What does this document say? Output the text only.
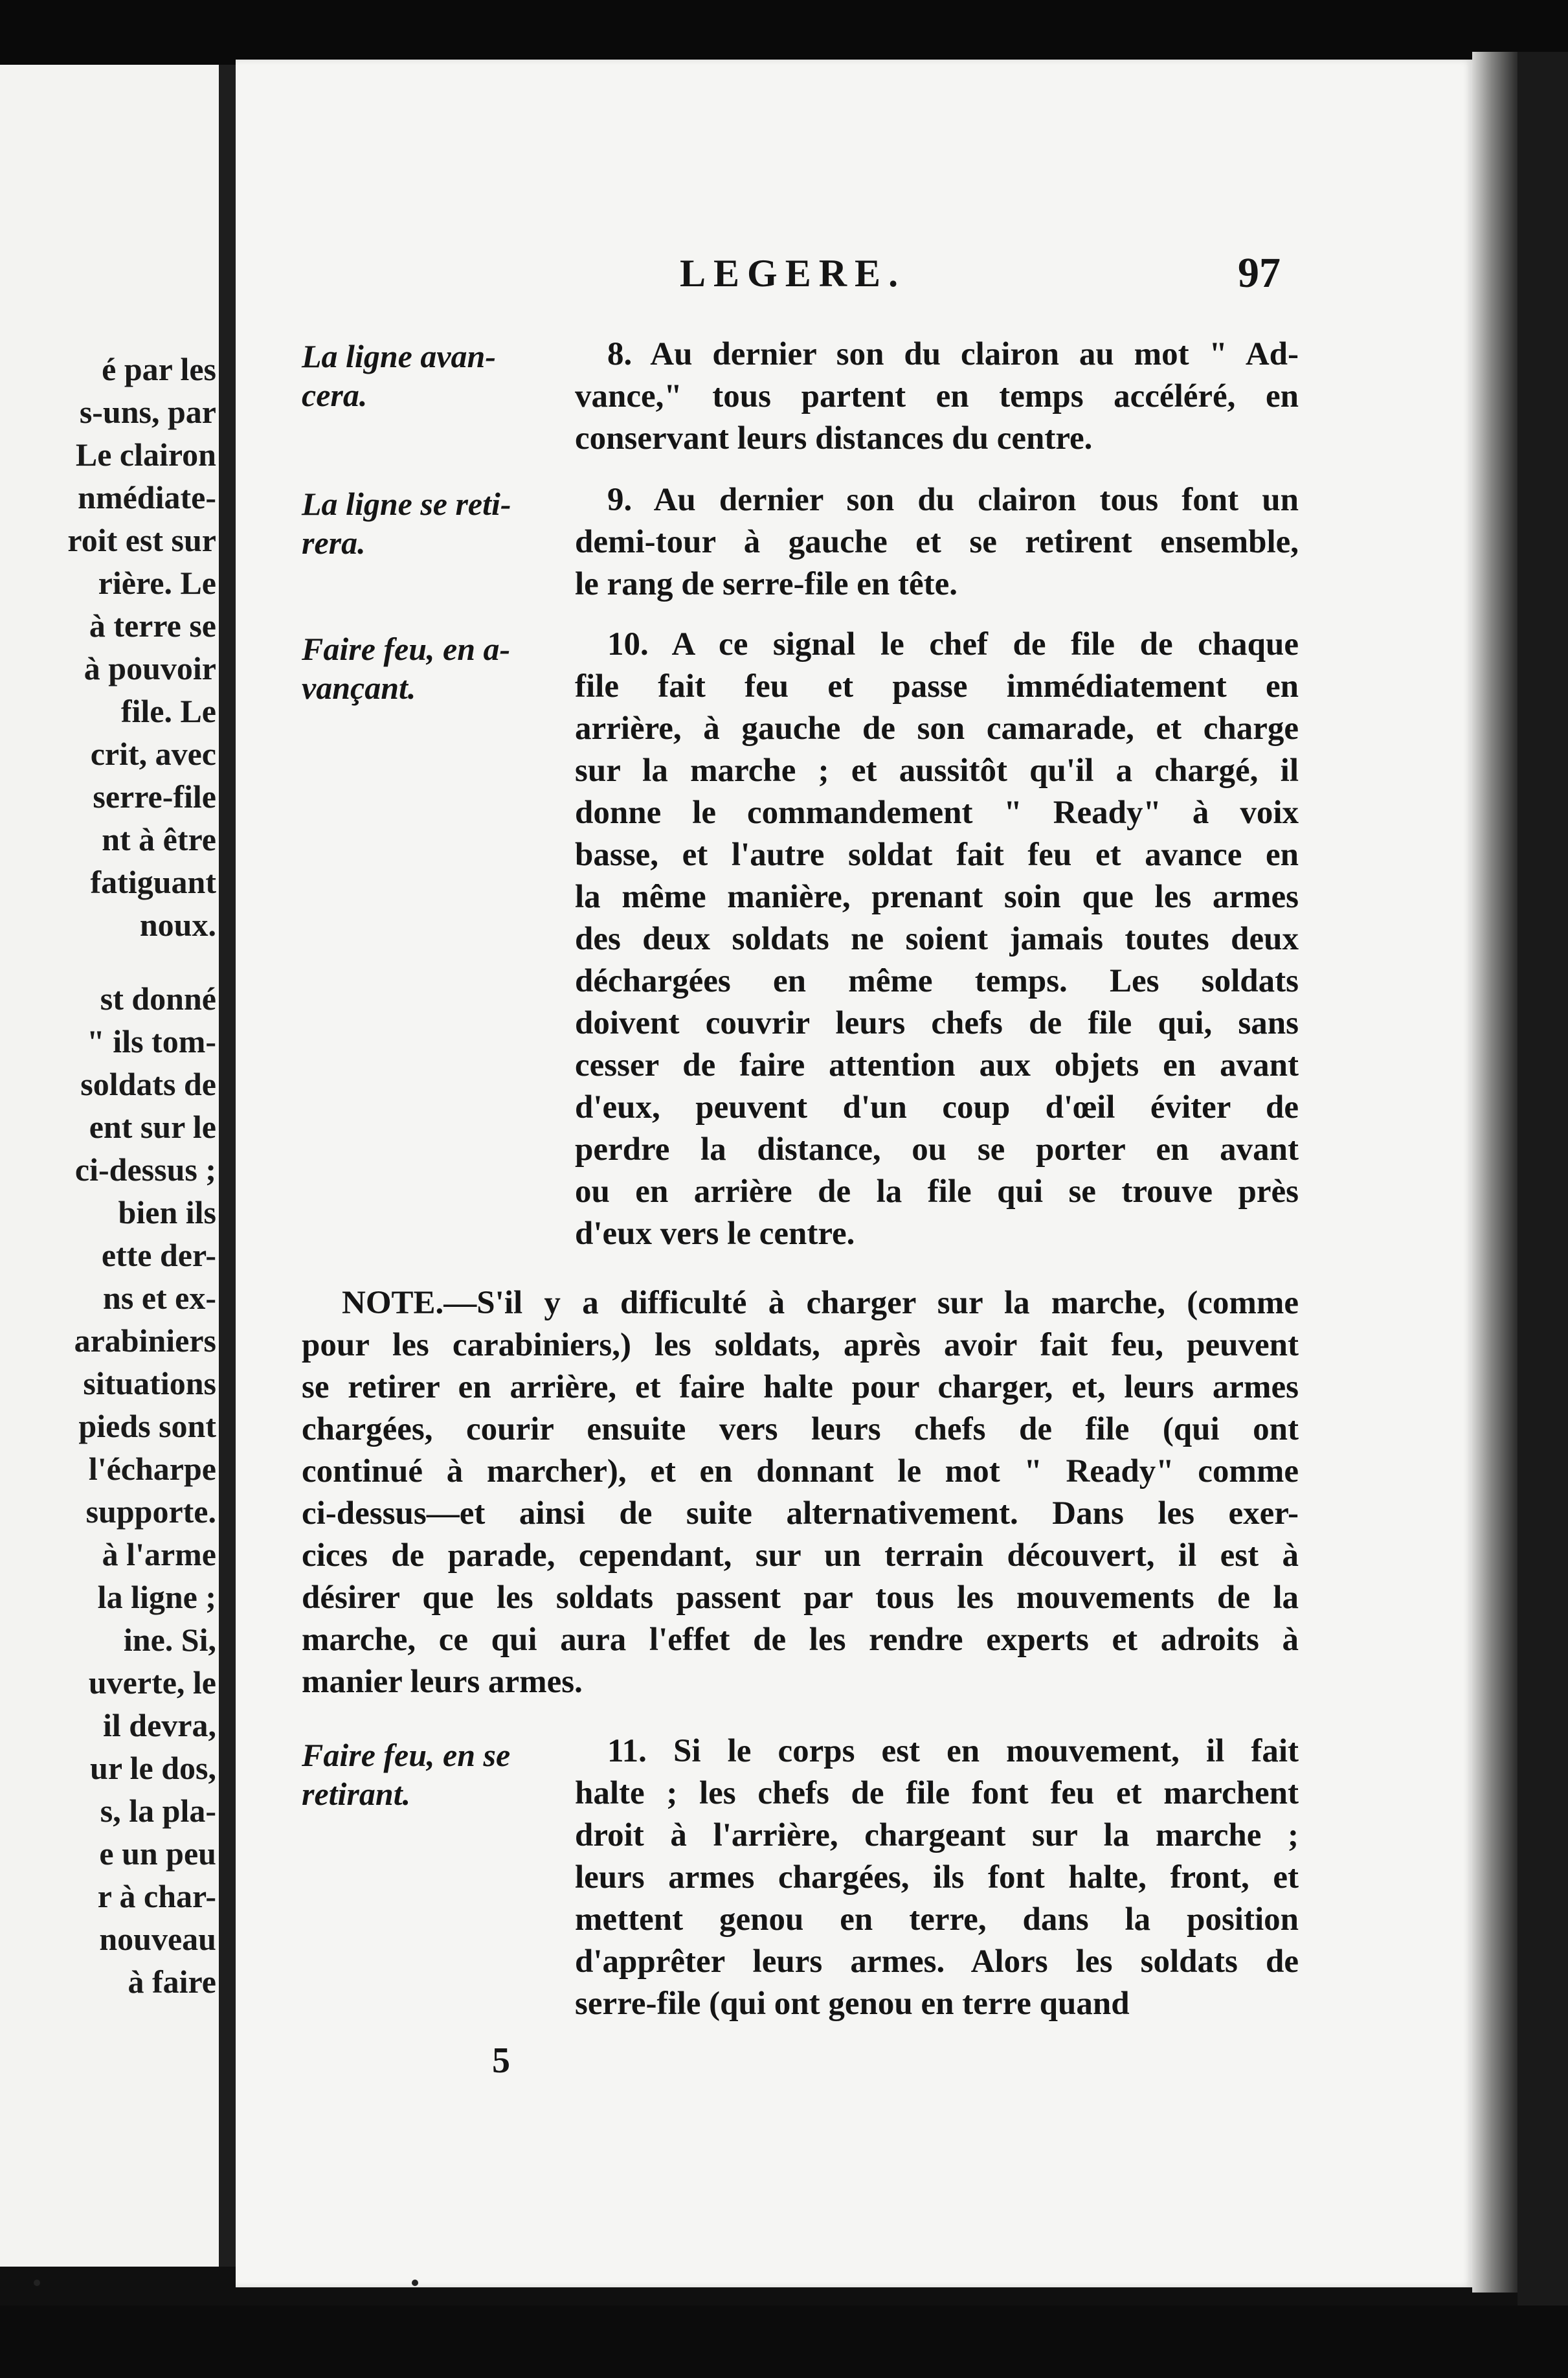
é par les
s-uns, par
Le clairon
nmédiate-
roit est sur
rière. Le
à terre se
à pouvoir
file. Le
crit, avec
serre-file
nt à être
fatiguant
noux.
st donné
" ils tom-
soldats de
ent sur le
ci-dessus ;
bien ils
ette der-
ns et ex-
arabiniers
situations
pieds sont
l'écharpe
supporte.
à l'arme
la ligne ;
ine. Si,
uverte, le
il devra,
ur le dos,
s, la pla-
e un peu
r à char-
nouveau
à faire
LEGERE.	97
La ligne avan-
cera.
La ligne se reti-
rera.
Faire feu, en a-
vançant.
Faire feu, en se
retirant.
8. Au dernier son du clairon au mot " Ad-
vance," tous partent en temps accéléré, en
conservant leurs distances du centre.
9. Au dernier son du clairon tous font un
demi-tour à gauche et se retirent ensemble,
le rang de serre-file en tête.
10. A ce signal le chef de file de chaque
file fait feu et passe immédiatement en
arrière, à gauche de son camarade, et charge
sur la marche ; et aussitôt qu'il a chargé, il
donne le commandement " Ready" à voix
basse, et l'autre soldat fait feu et avance en
la même manière, prenant soin que les armes
des deux soldats ne soient jamais toutes deux
déchargées en même temps. Les soldats
doivent couvrir leurs chefs de file qui, sans
cesser de faire attention aux objets en avant
d'eux, peuvent d'un coup d'œil éviter de
perdre la distance, ou se porter en avant
ou en arrière de la file qui se trouve près
d'eux vers le centre.
NOTE.—S'il y a difficulté à charger sur la marche, (comme
pour les carabiniers,) les soldats, après avoir fait feu, peuvent
se retirer en arrière, et faire halte pour charger, et, leurs armes
chargées, courir ensuite vers leurs chefs de file (qui ont
continué à marcher), et en donnant le mot " Ready" comme
ci-dessus—et ainsi de suite alternativement. Dans les exer-
cices de parade, cependant, sur un terrain découvert, il est à
désirer que les soldats passent par tous les mouvements de la
marche, ce qui aura l'effet de les rendre experts et adroits à
manier leurs armes.
11. Si le corps est en mouvement, il fait
halte ; les chefs de file font feu et marchent
droit à l'arrière, chargeant sur la marche ;
leurs armes chargées, ils font halte, front, et
mettent genou en terre, dans la position
d'apprêter leurs armes. Alors les soldats de
serre-file (qui ont genou en terre quand
5
